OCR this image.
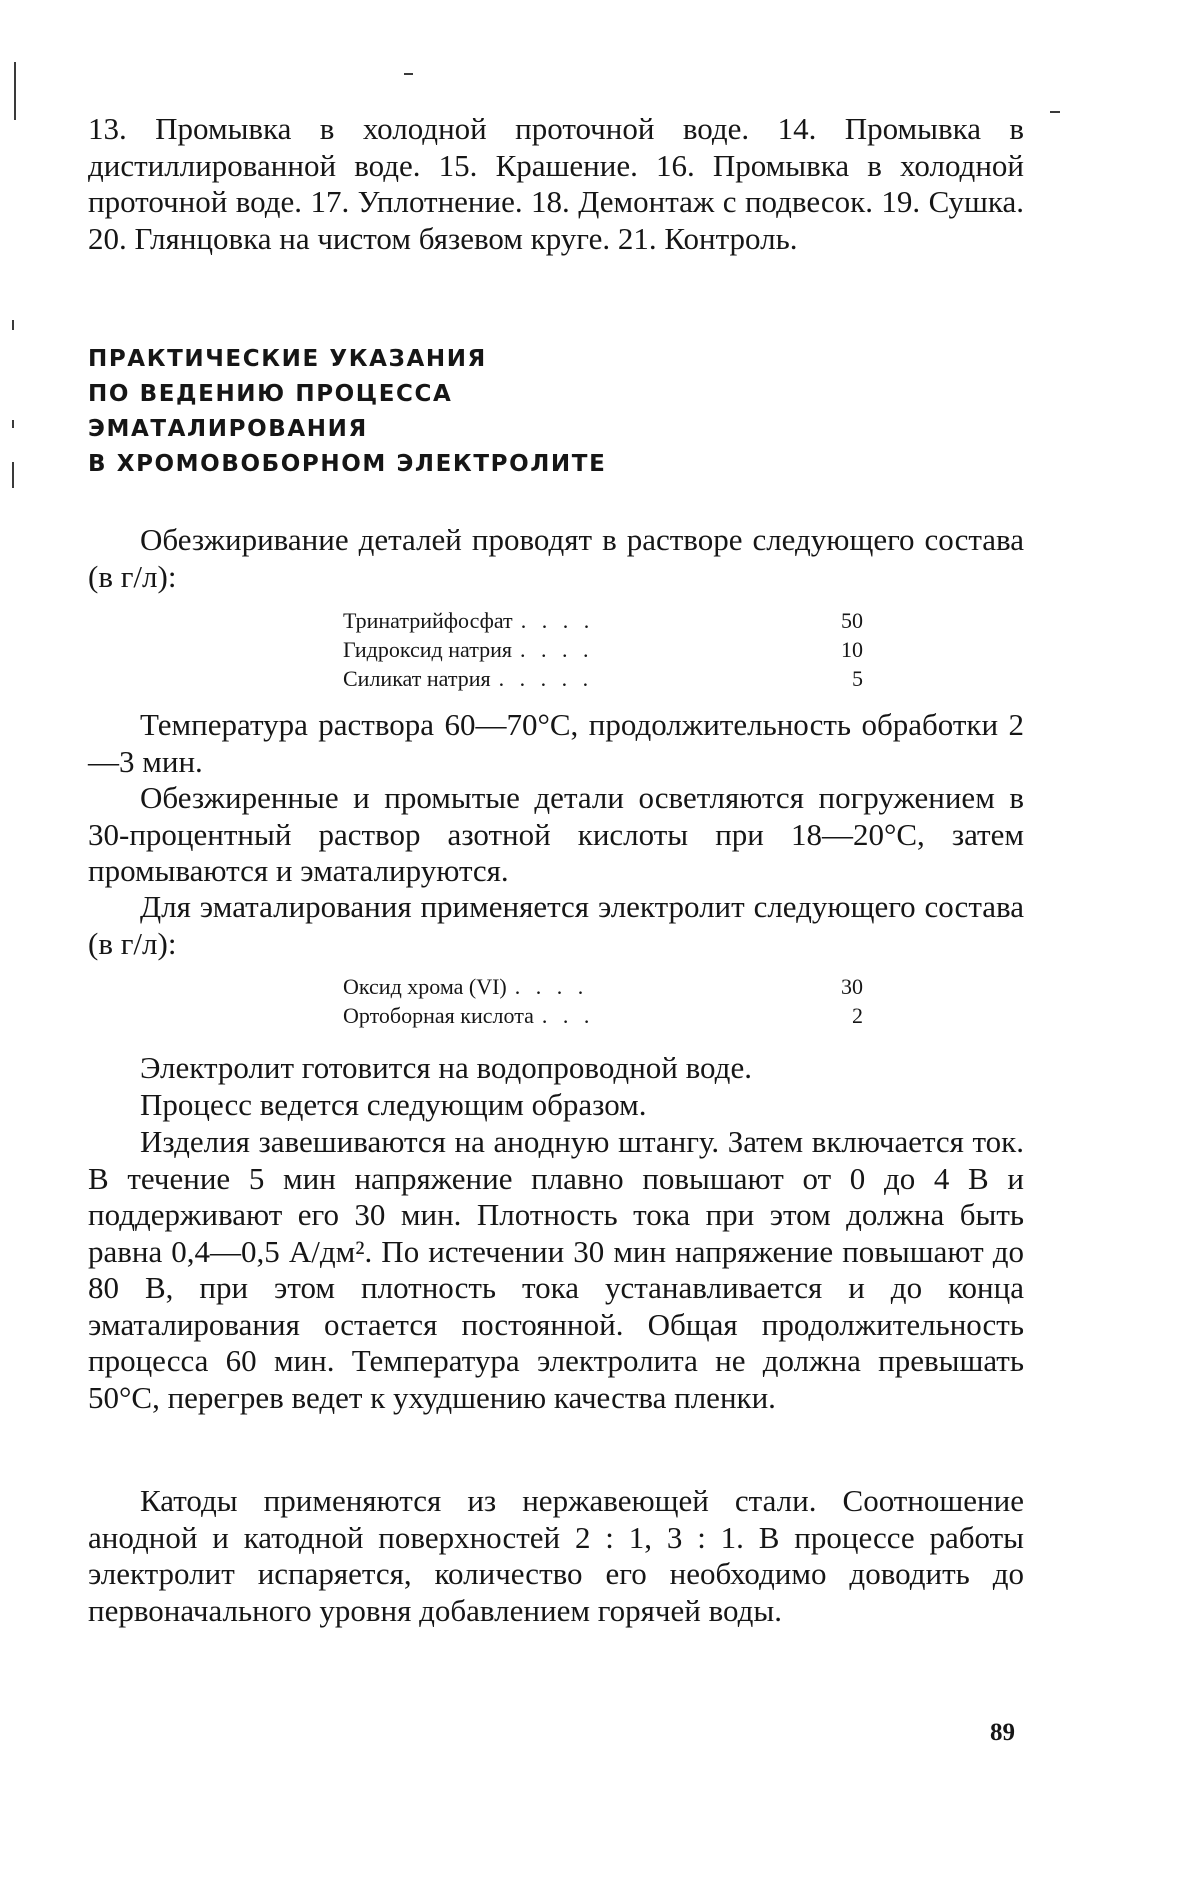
13. Промывка в холодной проточной воде. 14. Промывка в дистиллированной воде. 15. Крашение. 16. Промывка в холодной проточной воде. 17. Уплотнение. 18. Демонтаж с подвесок. 19. Сушка. 20. Глянцовка на чистом бязевом круге. 21. Контроль.

ПРАКТИЧЕСКИЕ УКАЗАНИЯ
ПО ВЕДЕНИЮ ПРОЦЕССА
ЭМАТАЛИРОВАНИЯ
В ХРОМОВОБОРНОМ ЭЛЕКТРОЛИТЕ

Обезжиривание деталей проводят в растворе следующего состава (в г/л):

Тринатрийфосфат . . . .	50
Гидроксид натрия . . . .	10
Силикат натрия . . . . .	5

Температура раствора 60—70°С, продолжительность обработки 2—3 мин.

Обезжиренные и промытые детали осветляются погружением в 30-процентный раствор азотной кислоты при 18—20°С, затем промываются и эматалируются.

Для эматалирования применяется электролит следующего состава (в г/л):

Оксид хрома (VI) . . . .	30
Ортоборная кислота . . .	2

Электролит готовится на водопроводной воде.

Процесс ведется следующим образом.

Изделия завешиваются на анодную штангу. Затем включается ток. В течение 5 мин напряжение плавно повышают от 0 до 4 В и поддерживают его 30 мин. Плотность тока при этом должна быть равна 0,4—0,5 А/дм². По истечении 30 мин напряжение повышают до 80 В, при этом плотность тока устанавливается и до конца эматалирования остается постоянной. Общая продолжительность процесса 60 мин. Температура электролита не должна превышать 50°С, перегрев ведет к ухудшению качества пленки.

Катоды применяются из нержавеющей стали. Соотношение анодной и катодной поверхностей 2 : 1, 3 : 1. В процессе работы электролит испаряется, количество его необходимо доводить до первоначального уровня добавлением горячей воды.

89
